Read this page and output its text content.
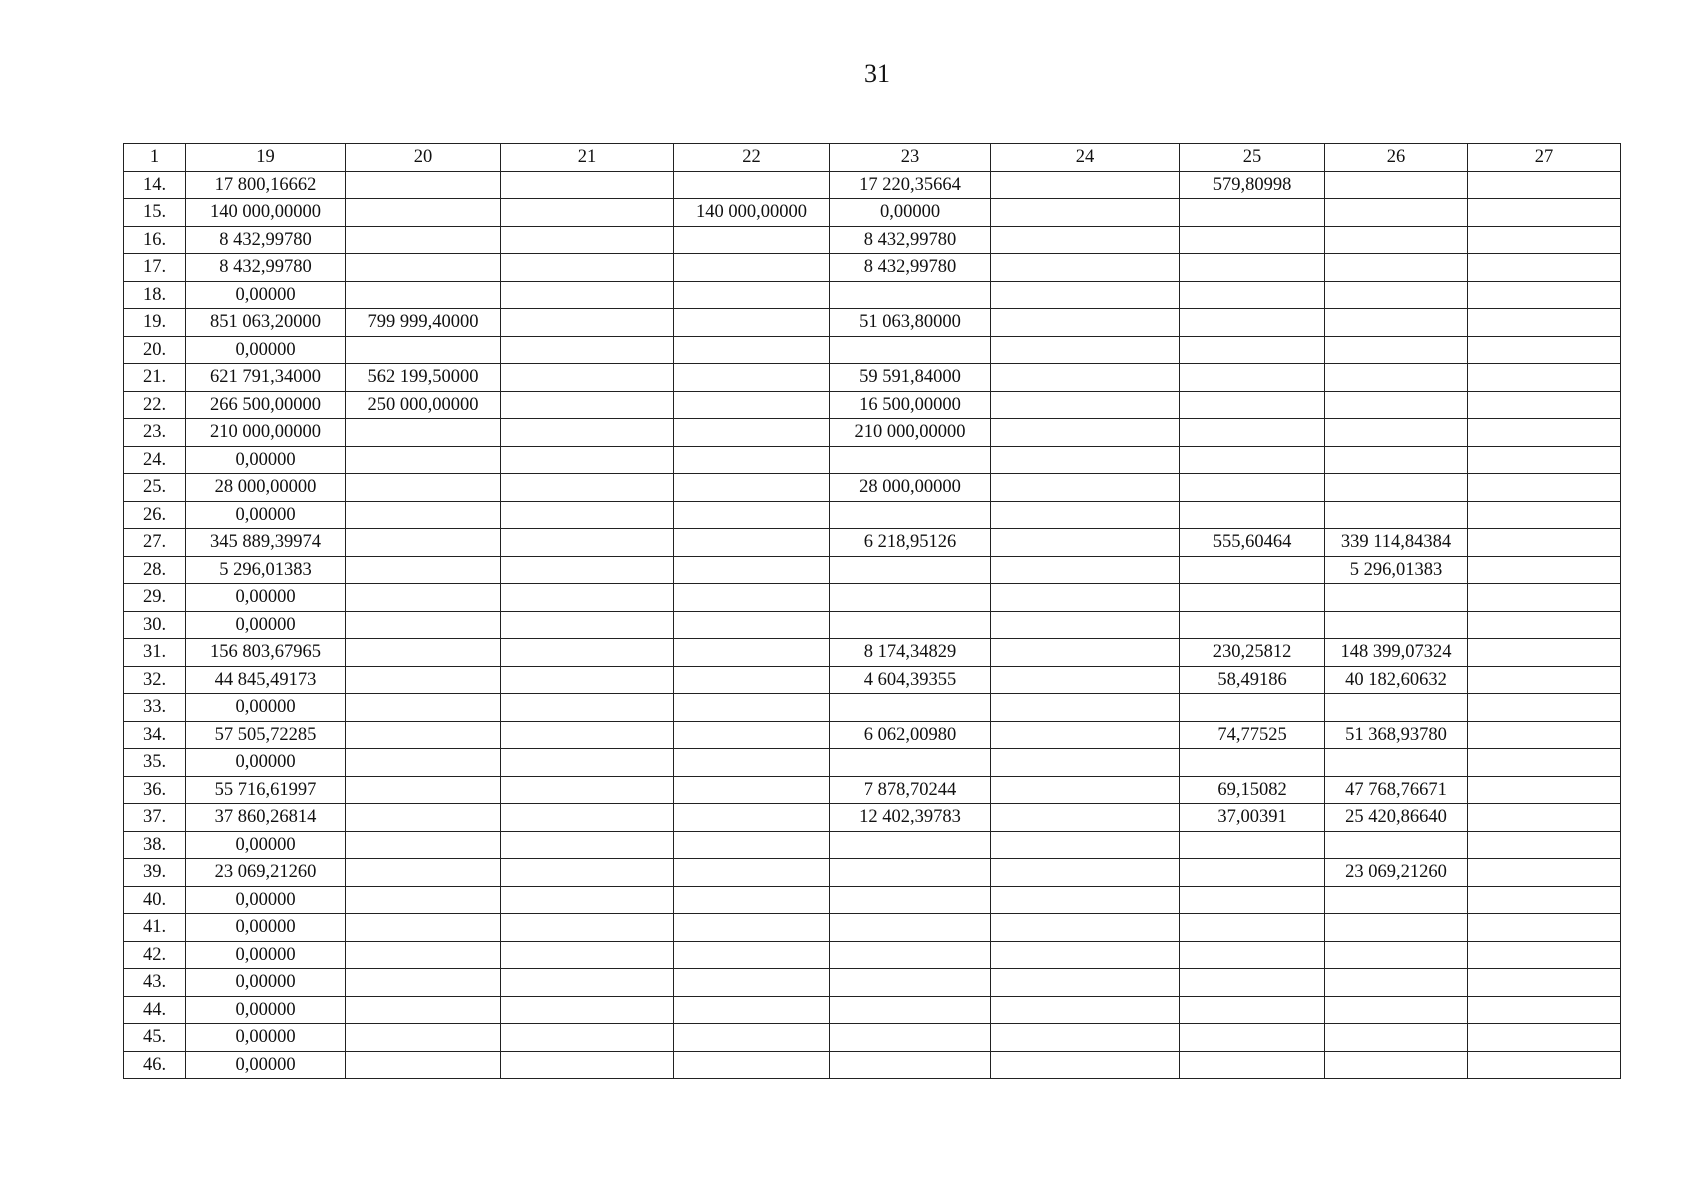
31
1	19	20	21	22	23	24	25	26	27
14.	17 800,16662				17 220,35664		579,80998		
15.	140 000,00000			140 000,00000	0,00000				
16.	8 432,99780				8 432,99780				
17.	8 432,99780				8 432,99780				
18.	0,00000								
19.	851 063,20000	799 999,40000			51 063,80000				
20.	0,00000								
21.	621 791,34000	562 199,50000			59 591,84000				
22.	266 500,00000	250 000,00000			16 500,00000				
23.	210 000,00000				210 000,00000				
24.	0,00000								
25.	28 000,00000				28 000,00000				
26.	0,00000								
27.	345 889,39974				6 218,95126		555,60464	339 114,84384	
28.	5 296,01383							5 296,01383	
29.	0,00000								
30.	0,00000								
31.	156 803,67965				8 174,34829		230,25812	148 399,07324	
32.	44 845,49173				4 604,39355		58,49186	40 182,60632	
33.	0,00000								
34.	57 505,72285				6 062,00980		74,77525	51 368,93780	
35.	0,00000								
36.	55 716,61997				7 878,70244		69,15082	47 768,76671	
37.	37 860,26814				12 402,39783		37,00391	25 420,86640	
38.	0,00000								
39.	23 069,21260							23 069,21260	
40.	0,00000								
41.	0,00000								
42.	0,00000								
43.	0,00000								
44.	0,00000								
45.	0,00000								
46.	0,00000								
